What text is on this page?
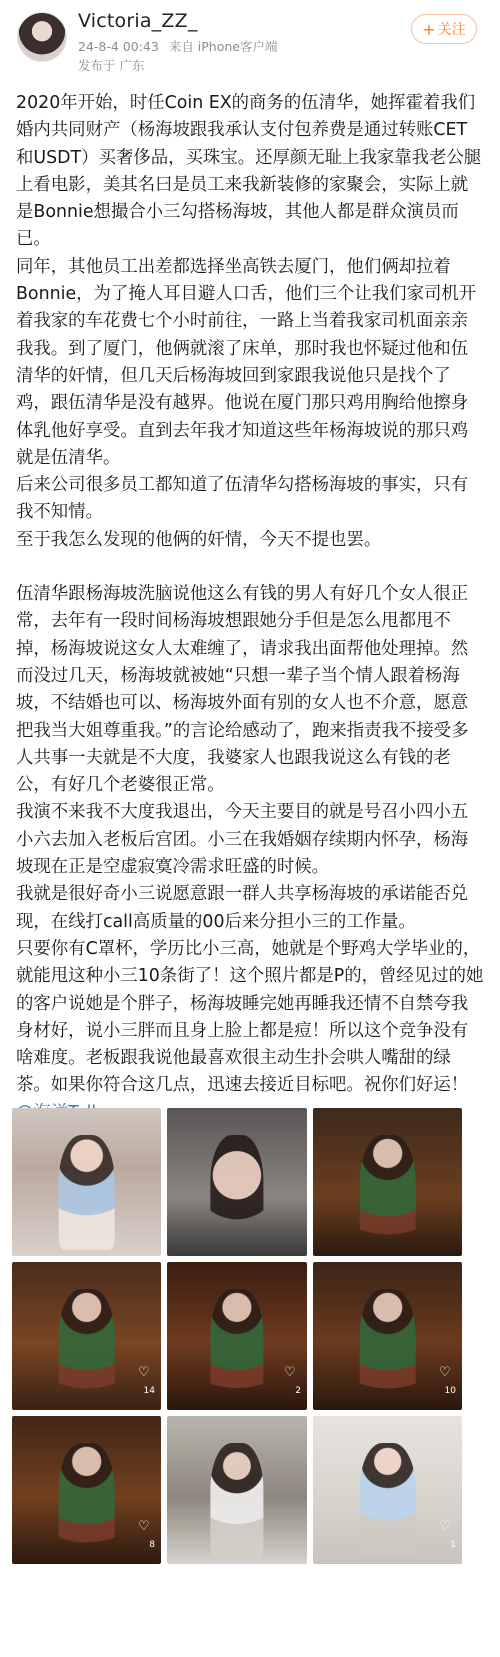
Victoria_ZZ_
24-8-4 00:43 来自 iPhone客户端
发布于 广东
+ 关注

2020年开始，时任Coin EX的商务的伍清华，她挥霍着我们婚内共同财产（杨海坡跟我承认支付包养费是通过转账CET和USDT）买奢侈品，买珠宝。还厚颜无耻上我家靠我老公腿上看电影，美其名曰是员工来我新装修的家聚会，实际上就是Bonnie想撮合小三勾搭杨海坡，其他人都是群众演员而已。

同年，其他员工出差都选择坐高铁去厦门，他们俩却拉着Bonnie，为了掩人耳目避人口舌，他们三个让我们家司机开着我家的车花费七个小时前往，一路上当着我家司机面亲亲我我。到了厦门，他俩就滚了床单，那时我也怀疑过他和伍清华的奸情，但几天后杨海坡回到家跟我说他只是找个了鸡，跟伍清华是没有越界。他说在厦门那只鸡用胸给他擦身体乳他好享受。直到去年我才知道这些年杨海坡说的那只鸡就是伍清华。

后来公司很多员工都知道了伍清华勾搭杨海坡的事实，只有我不知情。

至于我怎么发现的他俩的奸情，今天不提也罢。

伍清华跟杨海坡洗脑说他这么有钱的男人有好几个女人很正常，去年有一段时间杨海坡想跟她分手但是怎么甩都甩不掉，杨海坡说这女人太难缠了，请求我出面帮他处理掉。然而没过几天，杨海坡就被她“只想一辈子当个情人跟着杨海坡，不结婚也可以、杨海坡外面有别的女人也不介意，愿意把我当大姐尊重我。”的言论给感动了，跑来指责我不接受多人共事一夫就是不大度，我婆家人也跟我说这么有钱的老公，有好几个老婆很正常。

我演不来我不大度我退出，今天主要目的就是号召小四小五小六去加入老板后宫团。小三在我婚姻存续期内怀孕，杨海坡现在正是空虚寂寞冷需求旺盛的时候。

我就是很好奇小三说愿意跟一群人共享杨海坡的承诺能否兑现，在线打call高质量的00后来分担小三的工作量。

只要你有C罩杯，学历比小三高，她就是个野鸡大学毕业的，就能甩这种小三10条街了！这个照片都是P的，曾经见过的她的客户说她是个胖子，杨海坡睡完她再睡我还情不自禁夸我身材好，说小三胖而且身上脸上都是痘！所以这个竞争没有啥难度。老板跟我说他最喜欢很主动生扑会哄人嘴甜的绿茶。如果你符合这几点，迅速去接近目标吧。祝你们好运！

♡
14
♡
2
♡
10
♡
8
♡
1
